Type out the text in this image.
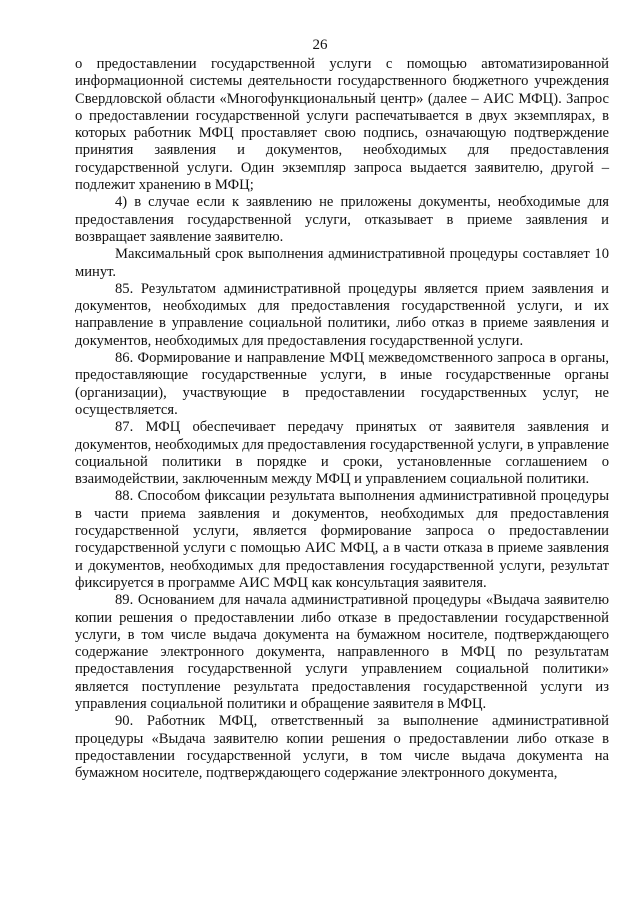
26

о предоставлении государственной услуги с помощью автоматизированной информационной системы деятельности государственного бюджетного учреждения Свердловской области «Многофункциональный центр» (далее – АИС МФЦ). Запрос о предоставлении государственной услуги распечатывается в двух экземплярах, в которых работник МФЦ проставляет свою подпись, означающую подтверждение принятия заявления и документов, необходимых для предоставления государственной услуги. Один экземпляр запроса выдается заявителю, другой – подлежит хранению в МФЦ;

4) в случае если к заявлению не приложены документы, необходимые для предоставления государственной услуги, отказывает в приеме заявления и возвращает заявление заявителю.

Максимальный срок выполнения административной процедуры составляет 10 минут.

85. Результатом административной процедуры является прием заявления и документов, необходимых для предоставления государственной услуги, и их направление в управление социальной политики, либо отказ в приеме заявления и документов, необходимых для предоставления государственной услуги.

86. Формирование и направление МФЦ межведомственного запроса в органы, предоставляющие государственные услуги, в иные государственные органы (организации), участвующие в предоставлении государственных услуг, не осуществляется.

87. МФЦ обеспечивает передачу принятых от заявителя заявления и документов, необходимых для предоставления государственной услуги, в управление социальной политики в порядке и сроки, установленные соглашением о взаимодействии, заключенным между МФЦ и управлением социальной политики.

88. Способом фиксации результата выполнения административной процедуры в части приема заявления и документов, необходимых для предоставления государственной услуги, является формирование запроса о предоставлении государственной услуги с помощью АИС МФЦ, а в части отказа в приеме заявления и документов, необходимых для предоставления государственной услуги, результат фиксируется в программе АИС МФЦ как консультация заявителя.

89. Основанием для начала административной процедуры «Выдача заявителю копии решения о предоставлении либо отказе в предоставлении государственной услуги, в том числе выдача документа на бумажном носителе, подтверждающего содержание электронного документа, направленного в МФЦ по результатам предоставления государственной услуги управлением социальной политики» является поступление результата предоставления государственной услуги из управления социальной политики и обращение заявителя в МФЦ.

90. Работник МФЦ, ответственный за выполнение административной процедуры «Выдача заявителю копии решения о предоставлении либо отказе в предоставлении государственной услуги, в том числе выдача документа на бумажном носителе, подтверждающего содержание электронного документа,
